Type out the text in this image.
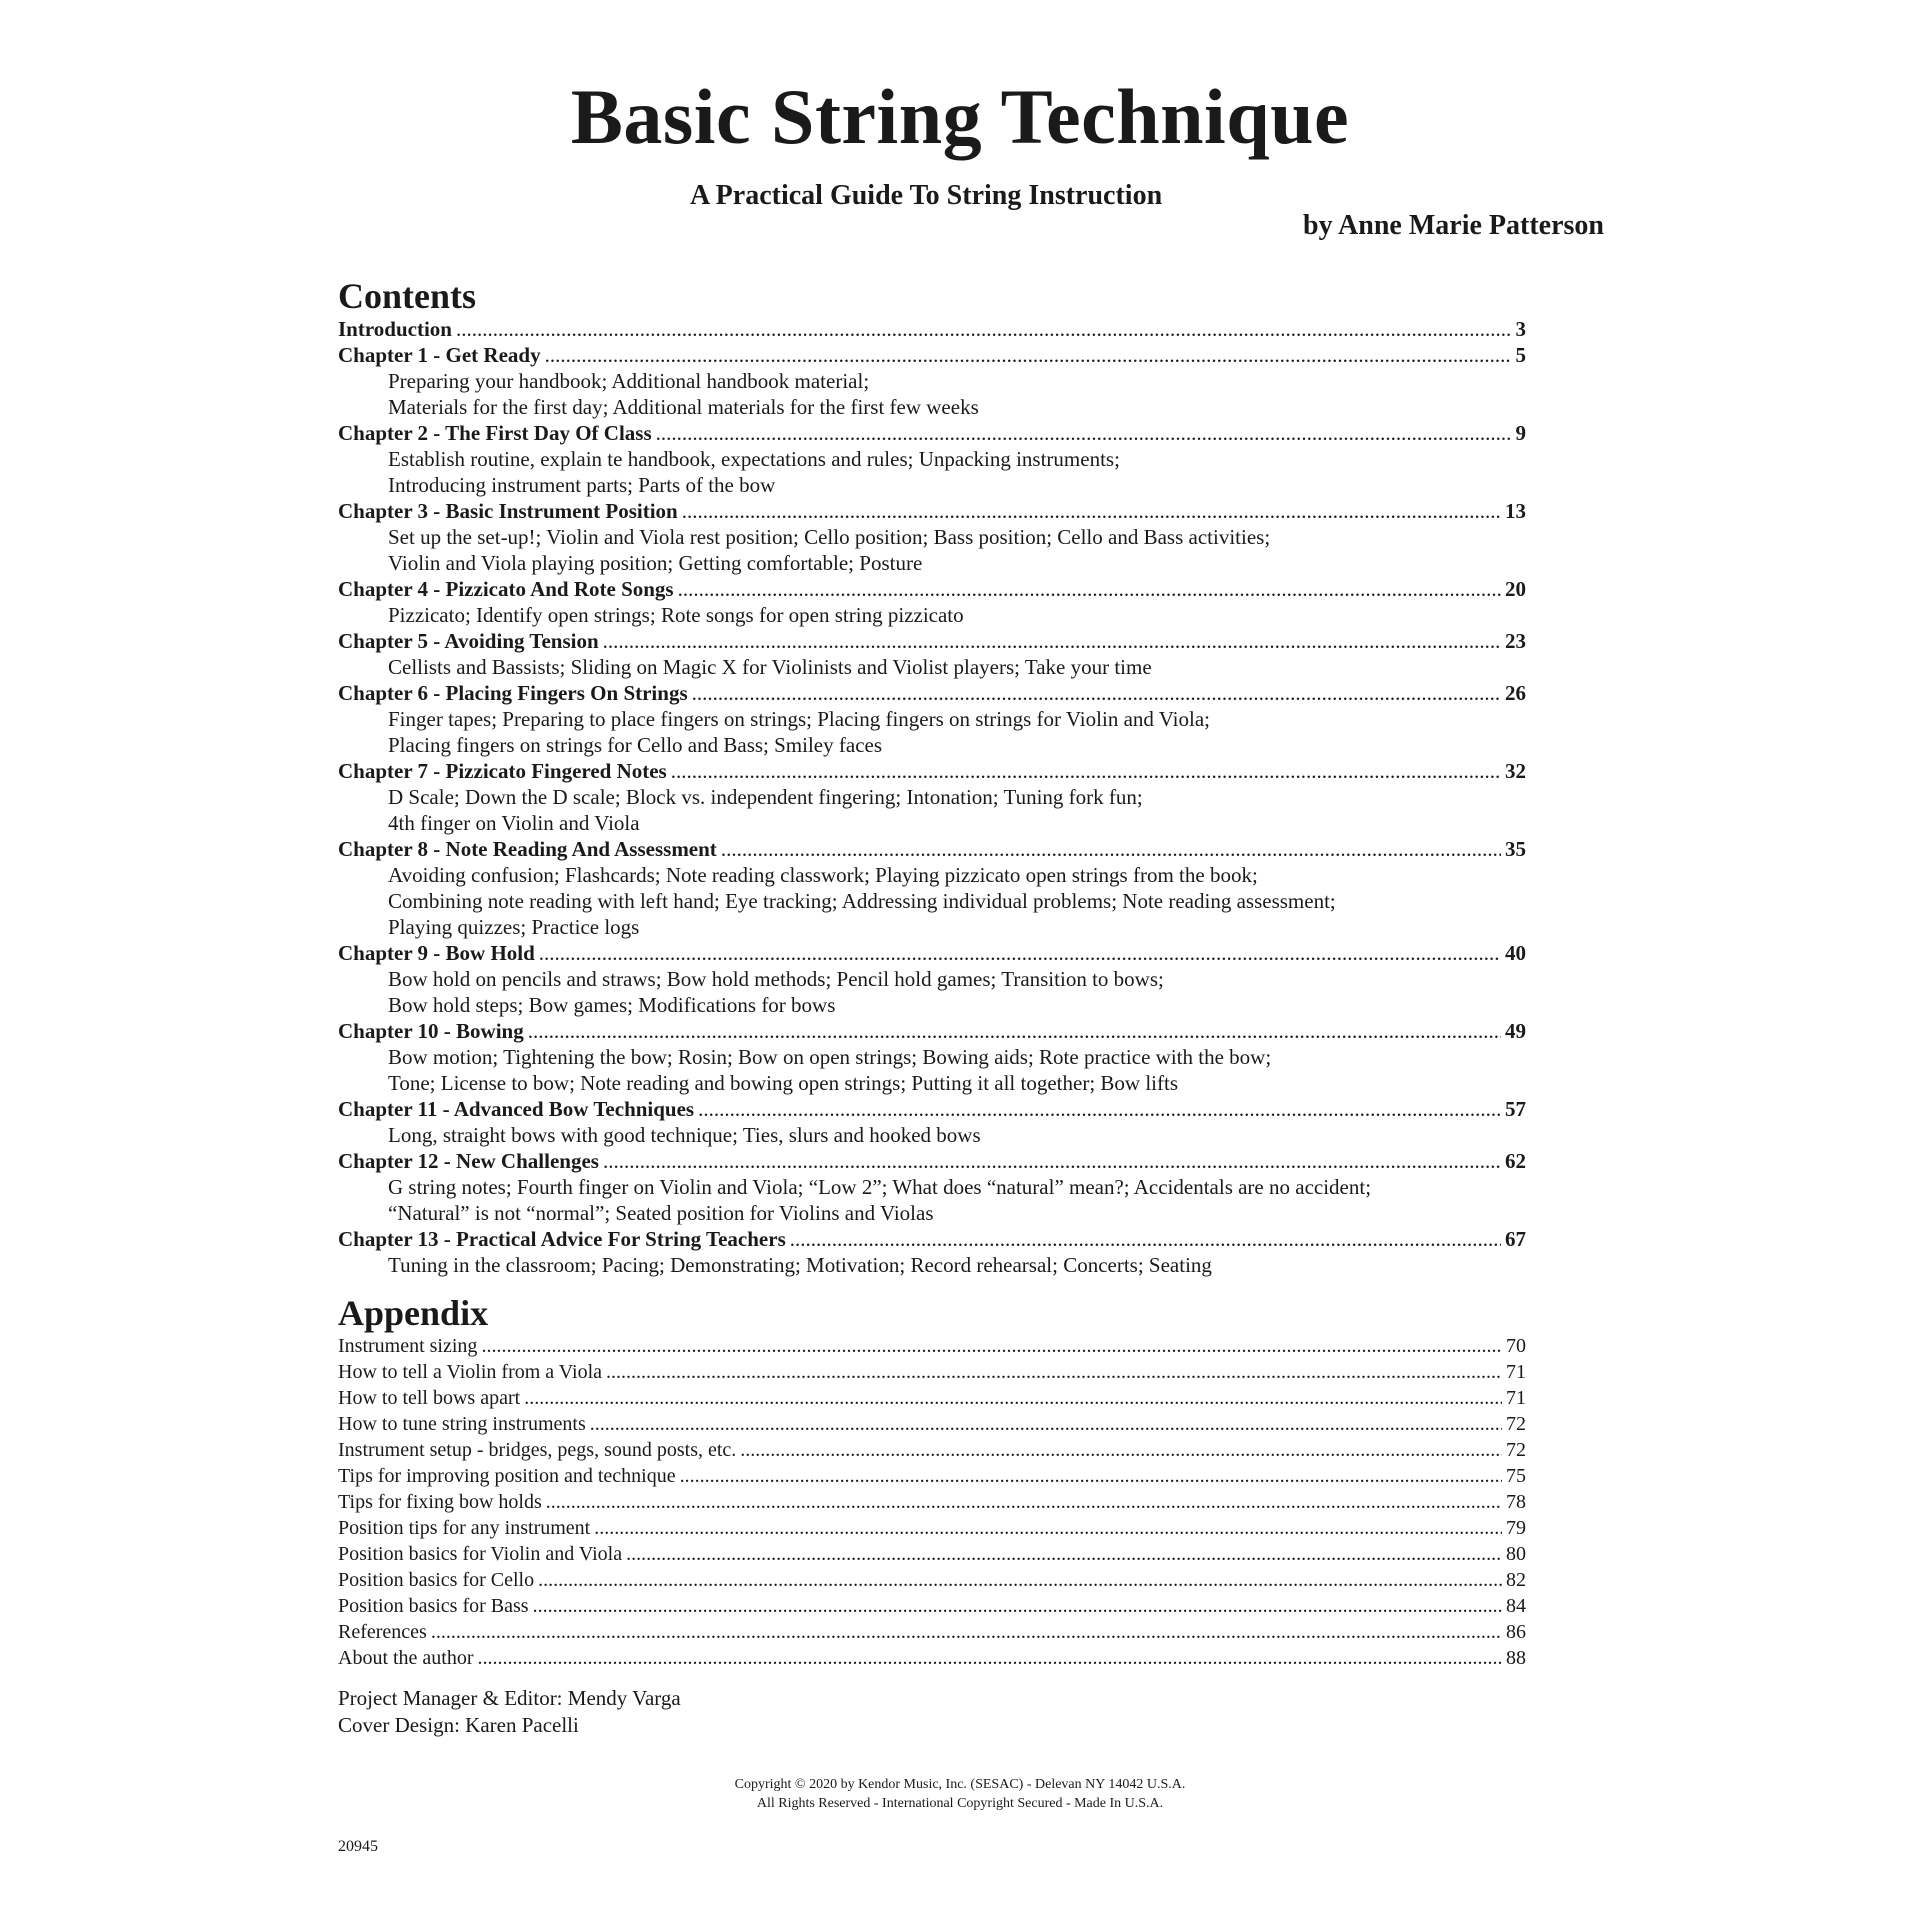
Basic String Technique
A Practical Guide To String Instruction
by Anne Marie Patterson
Contents
Introduction .....	3
Chapter 1 - Get Ready .....	5
Preparing your handbook; Additional handbook material;
Materials for the first day; Additional materials for the first few weeks
Chapter 2 - The First Day Of Class .....	9
Establish routine, explain te handbook, expectations and rules; Unpacking instruments;
Introducing instrument parts; Parts of the bow
Chapter 3 - Basic Instrument Position .....	13
Set up the set-up!; Violin and Viola rest position; Cello position; Bass position; Cello and Bass activities;
Violin and Viola playing position; Getting comfortable; Posture
Chapter 4 - Pizzicato And Rote Songs .....	20
Pizzicato; Identify open strings; Rote songs for open string pizzicato
Chapter 5 - Avoiding Tension .....	23
Cellists and Bassists; Sliding on Magic X for Violinists and Violist players; Take your time
Chapter 6 - Placing Fingers On Strings .....	26
Finger tapes; Preparing to place fingers on strings; Placing fingers on strings for Violin and Viola;
Placing fingers on strings for Cello and Bass; Smiley faces
Chapter 7 - Pizzicato Fingered Notes .....	32
D Scale; Down the D scale; Block vs. independent fingering; Intonation; Tuning fork fun;
4th finger on Violin and Viola
Chapter 8 - Note Reading And Assessment .....	35
Avoiding confusion; Flashcards; Note reading classwork; Playing pizzicato open strings from the book;
Combining note reading with left hand; Eye tracking; Addressing individual problems; Note reading assessment;
Playing quizzes; Practice logs
Chapter 9 - Bow Hold .....	40
Bow hold on pencils and straws; Bow hold methods; Pencil hold games; Transition to bows;
Bow hold steps; Bow games; Modifications for bows
Chapter 10 - Bowing .....	49
Bow motion; Tightening the bow; Rosin; Bow on open strings; Bowing aids; Rote practice with the bow;
Tone; License to bow; Note reading and bowing open strings; Putting it all together; Bow lifts
Chapter 11 - Advanced Bow Techniques .....	57
Long, straight bows with good technique; Ties, slurs and hooked bows
Chapter 12 - New Challenges .....	62
G string notes; Fourth finger on Violin and Viola; “Low 2”; What does “natural” mean?; Accidentals are no accident;
“Natural” is not “normal”; Seated position for Violins and Violas
Chapter 13 - Practical Advice For String Teachers .....	67
Tuning in the classroom; Pacing; Demonstrating; Motivation; Record rehearsal; Concerts; Seating
Appendix
Instrument sizing .....	70
How to tell a Violin from a Viola .....	71
How to tell bows apart .....	71
How to tune string instruments .....	72
Instrument setup - bridges, pegs, sound posts, etc. .....	72
Tips for improving position and technique .....	75
Tips for fixing bow holds .....	78
Position tips for any instrument .....	79
Position basics for Violin and Viola .....	80
Position basics for Cello .....	82
Position basics for Bass .....	84
References .....	86
About the author .....	88
Project Manager & Editor: Mendy Varga
Cover Design: Karen Pacelli
Copyright © 2020 by Kendor Music, Inc. (SESAC) - Delevan NY 14042 U.S.A.
All Rights Reserved - International Copyright Secured - Made In U.S.A.
20945
